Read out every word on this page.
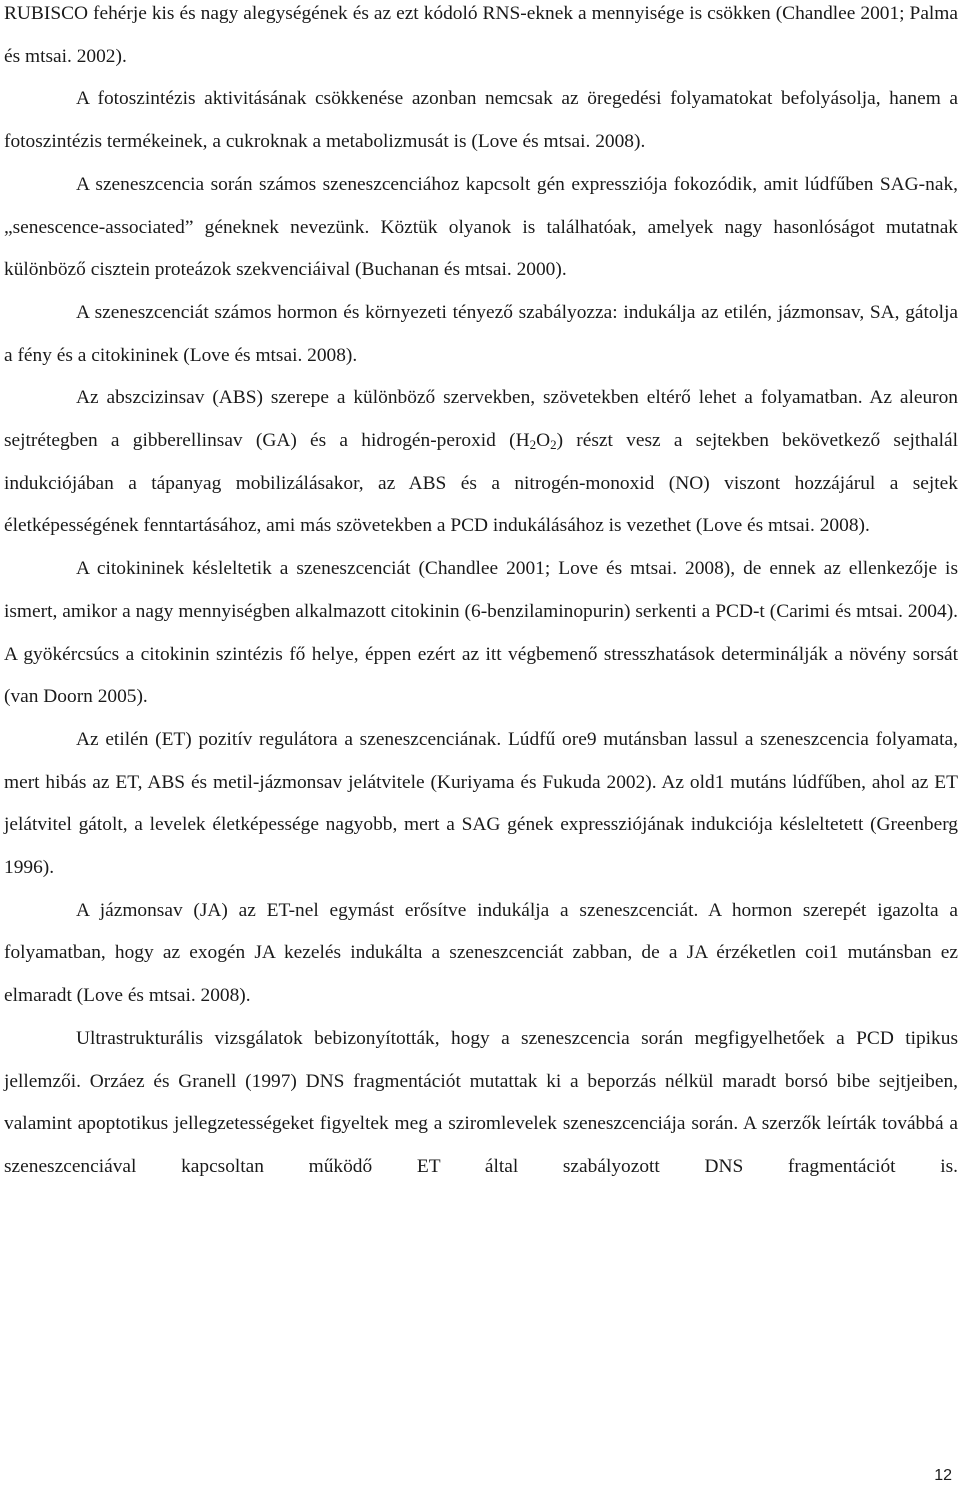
RUBISCO fehérje kis és nagy alegységének és az ezt kódoló RNS-eknek a mennyisége is csökken (Chandlee 2001; Palma és mtsai. 2002).

A fotoszintézis aktivitásának csökkenése azonban nemcsak az öregedési folyamatokat befolyásolja, hanem a fotoszintézis termékeinek, a cukroknak a metabolizmusát is (Love és mtsai. 2008).

A szeneszcencia során számos szeneszcenciához kapcsolt gén expressziója fokozódik, amit lúdfűben SAG-nak, „senescence-associated” géneknek nevezünk. Köztük olyanok is találhatóak, amelyek nagy hasonlóságot mutatnak különböző cisztein proteázok szekvenciáival (Buchanan és mtsai. 2000).

A szeneszcenciát számos hormon és környezeti tényező szabályozza: indukálja az etilén, jázmonsav, SA, gátolja a fény és a citokininek (Love és mtsai. 2008).

Az abszcizinsav (ABS) szerepe a különböző szervekben, szövetekben eltérő lehet a folyamatban. Az aleuron sejtrétegben a gibberellinsav (GA) és a hidrogén-peroxid $(H_2O_2)$ részt vesz a sejtekben bekövetkező sejthalál indukciójában a tápanyag mobilizálásakor, az ABS és a nitrogén-monoxid (NO) viszont hozzájárul a sejtek életképességének fenntartásához, ami más szövetekben a PCD indukálásához is vezethet (Love és mtsai. 2008).

A citokininek késleltetik a szeneszcenciát (Chandlee 2001; Love és mtsai. 2008), de ennek az ellenkezője is ismert, amikor a nagy mennyiségben alkalmazott citokinin (6-benzilaminopurin) serkenti a PCD-t (Carimi és mtsai. 2004). A gyökércsúcs a citokinin szintézis fő helye, éppen ezért az itt végbemenő stresszhatások determinálják a növény sorsát (van Doorn 2005).

Az etilén (ET) pozitív regulátora a szeneszcenciának. Lúdfű ore9 mutánsban lassul a szeneszcencia folyamata, mert hibás az ET, ABS és metil-jázmonsav jelátvitele (Kuriyama és Fukuda 2002). Az old1 mutáns lúdfűben, ahol az ET jelátvitel gátolt, a levelek életképessége nagyobb, mert a SAG gének expressziójának indukciója késleltetett (Greenberg 1996).

A jázmonsav (JA) az ET-nel egymást erősítve indukálja a szeneszcenciát. A hormon szerepét igazolta a folyamatban, hogy az exogén JA kezelés indukálta a szeneszcenciát zabban, de a JA érzéketlen coi1 mutánsban ez elmaradt (Love és mtsai. 2008).

Ultrastrukturális vizsgálatok bebizonyították, hogy a szeneszcencia során megfigyelhetőek a PCD tipikus jellemzői. Orzáez és Granell (1997) DNS fragmentációt mutattak ki a beporzás nélkül maradt borsó bibe sejtjeiben, valamint apoptotikus jellegzetességeket figyeltek meg a sziromlevelek szeneszcenciája során. A szerzők leírták továbbá a szeneszcenciával kapcsoltan működő ET által szabályozott DNS fragmentációt is.

12
